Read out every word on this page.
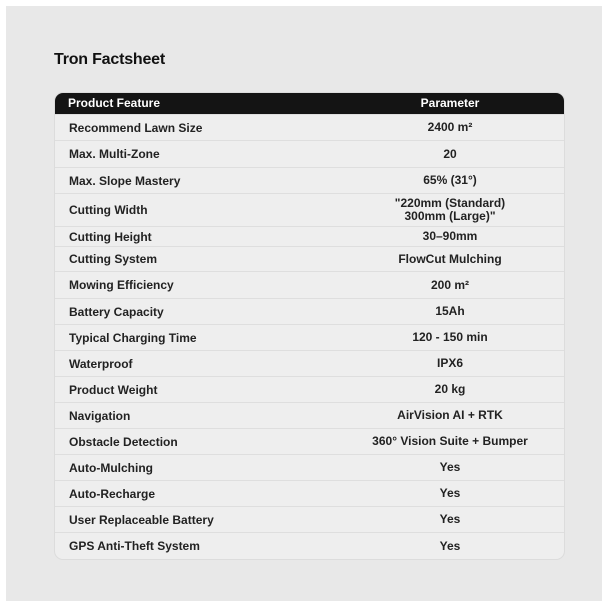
Tron Factsheet
Product Feature	Parameter
Recommend Lawn Size	2400 m²
Max. Multi-Zone	20
Max. Slope Mastery	65% (31°)
Cutting Width	"220mm (Standard)
300mm (Large)"
Cutting Height	30–90mm
Cutting System	FlowCut Mulching
Mowing Efficiency	200 m²
Battery Capacity	15Ah
Typical Charging Time	120 - 150 min
Waterproof	IPX6
Product Weight	20 kg
Navigation	AirVision AI + RTK
Obstacle Detection	360° Vision Suite + Bumper
Auto-Mulching	Yes
Auto-Recharge	Yes
User Replaceable Battery	Yes
GPS Anti-Theft System	Yes
